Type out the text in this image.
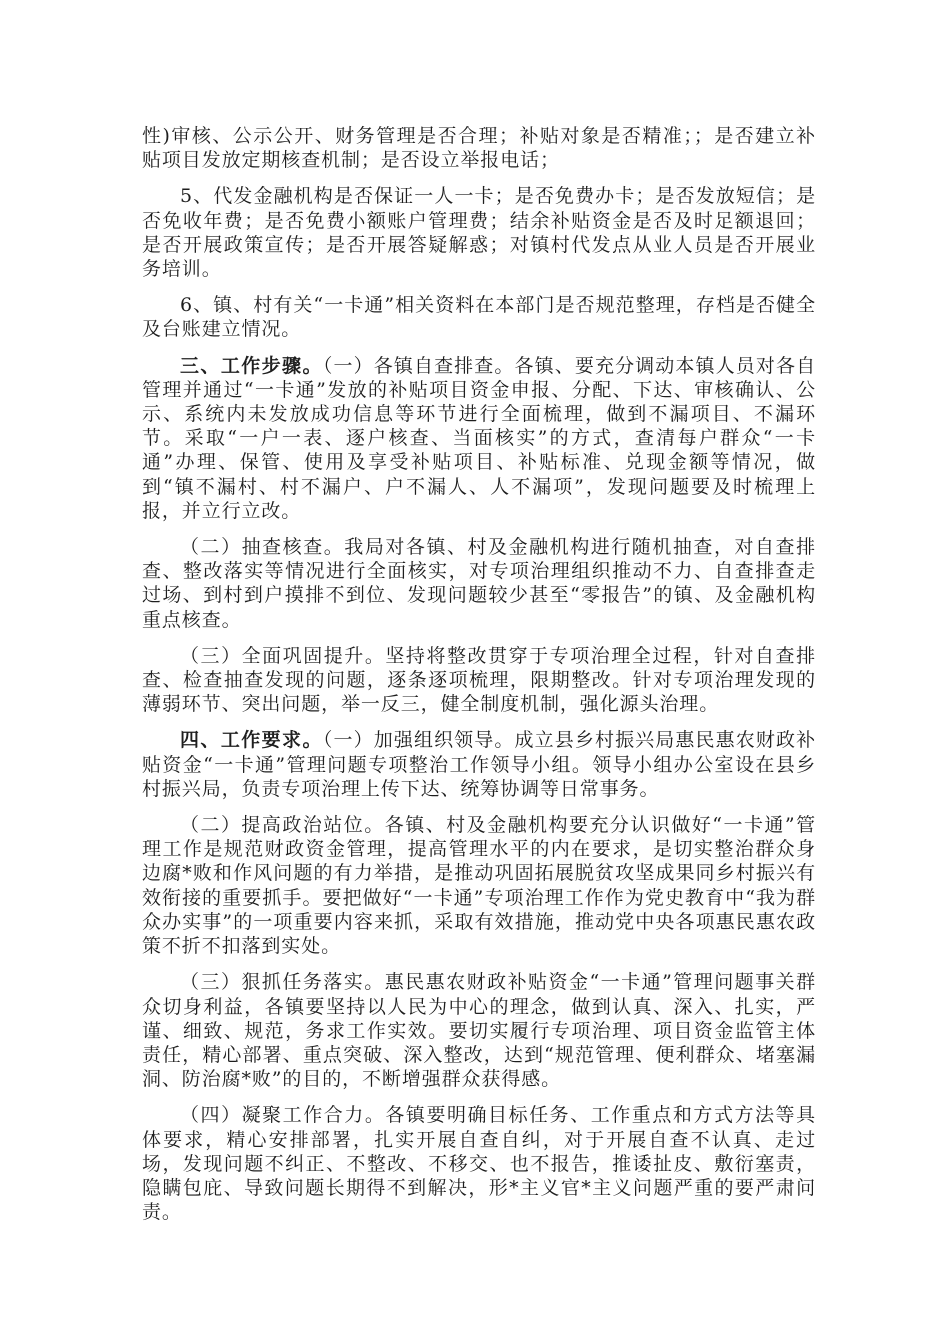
性)审核、公示公开、财务管理是否合理；补贴对象是否精准；；是否建立补贴项目发放定期核查机制；是否设立举报电话；

5、代发金融机构是否保证一人一卡；是否免费办卡；是否发放短信；是否免收年费；是否免费小额账户管理费；结余补贴资金是否及时足额退回；是否开展政策宣传；是否开展答疑解惑；对镇村代发点从业人员是否开展业务培训。

6、镇、村有关“一卡通”相关资料在本部门是否规范整理，存档是否健全及台账建立情况。

三、工作步骤。（一）各镇自查排查。各镇、要充分调动本镇人员对各自管理并通过“一卡通”发放的补贴项目资金申报、分配、下达、审核确认、公示、系统内未发放成功信息等环节进行全面梳理，做到不漏项目、不漏环节。采取“一户一表、逐户核查、当面核实”的方式，查清每户群众“一卡通”办理、保管、使用及享受补贴项目、补贴标准、兑现金额等情况，做到“镇不漏村、村不漏户、户不漏人、人不漏项”，发现问题要及时梳理上报，并立行立改。

（二）抽查核查。我局对各镇、村及金融机构进行随机抽查，对自查排查、整改落实等情况进行全面核实，对专项治理组织推动不力、自查排查走过场、到村到户摸排不到位、发现问题较少甚至“零报告”的镇、及金融机构重点核查。

（三）全面巩固提升。坚持将整改贯穿于专项治理全过程，针对自查排查、检查抽查发现的问题，逐条逐项梳理，限期整改。针对专项治理发现的薄弱环节、突出问题，举一反三，健全制度机制，强化源头治理。

四、工作要求。（一）加强组织领导。成立县乡村振兴局惠民惠农财政补贴资金“一卡通”管理问题专项整治工作领导小组。领导小组办公室设在县乡村振兴局，负责专项治理上传下达、统筹协调等日常事务。

（二）提高政治站位。各镇、村及金融机构要充分认识做好“一卡通”管理工作是规范财政资金管理，提高管理水平的内在要求，是切实整治群众身边腐*败和作风问题的有力举措，是推动巩固拓展脱贫攻坚成果同乡村振兴有效衔接的重要抓手。要把做好“一卡通”专项治理工作作为党史教育中“我为群众办实事”的一项重要内容来抓，采取有效措施，推动党中央各项惠民惠农政策不折不扣落到实处。

（三）狠抓任务落实。惠民惠农财政补贴资金“一卡通”管理问题事关群众切身利益，各镇要坚持以人民为中心的理念，做到认真、深入、扎实，严谨、细致、规范，务求工作实效。要切实履行专项治理、项目资金监管主体责任，精心部署、重点突破、深入整改，达到“规范管理、便利群众、堵塞漏洞、防治腐*败”的目的，不断增强群众获得感。

（四）凝聚工作合力。各镇要明确目标任务、工作重点和方式方法等具体要求，精心安排部署，扎实开展自查自纠，对于开展自查不认真、走过场，发现问题不纠正、不整改、不移交、也不报告，推诿扯皮、敷衍塞责，隐瞒包庇、导致问题长期得不到解决，形*主义官*主义问题严重的要严肃问责。
